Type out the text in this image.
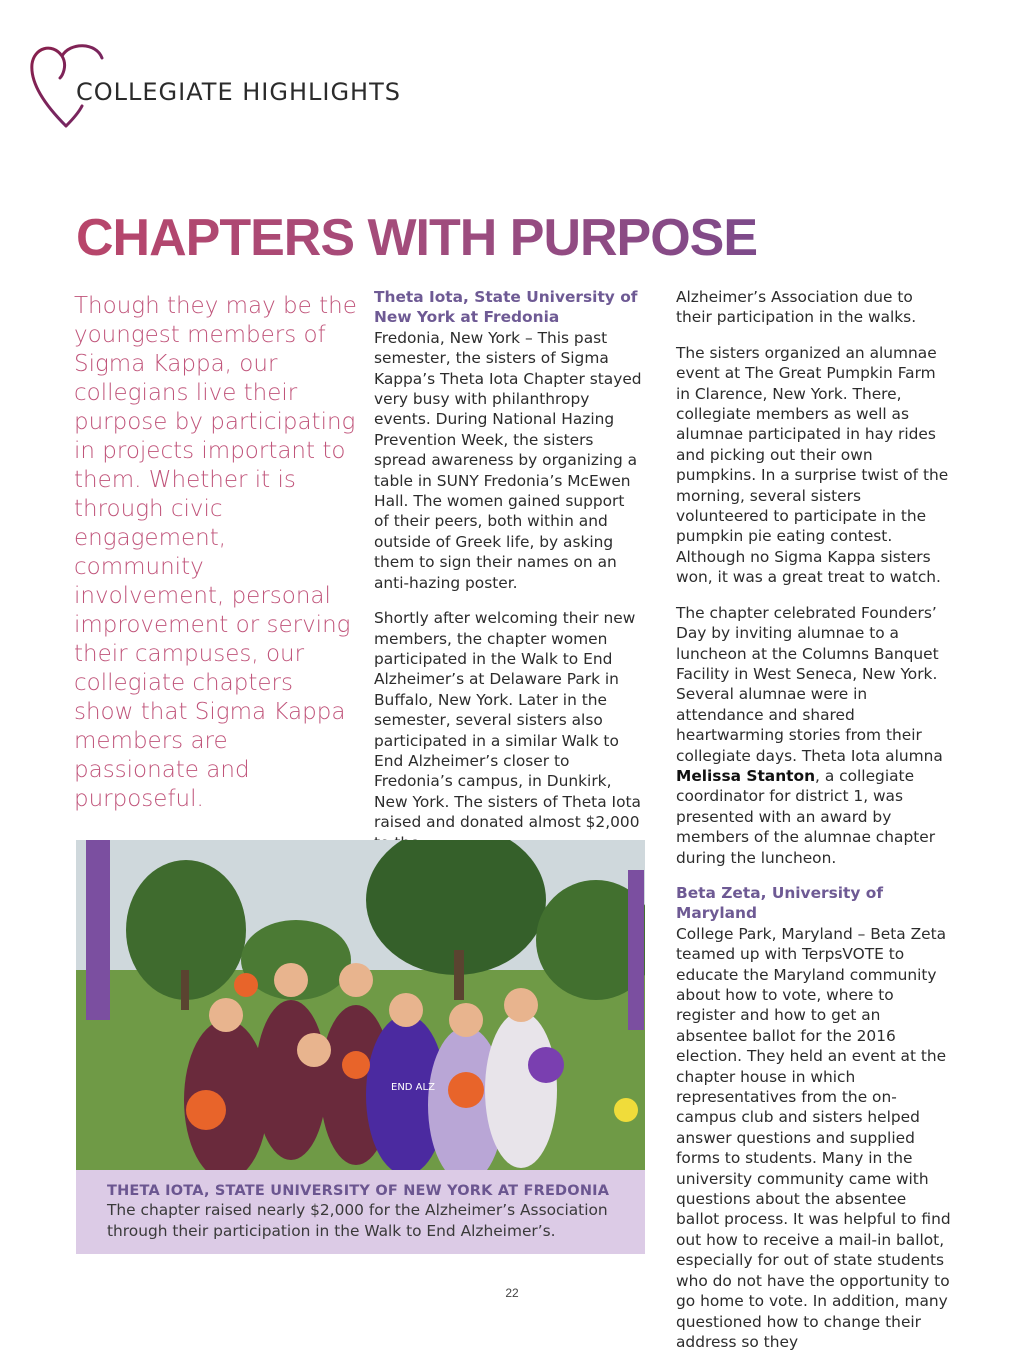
COLLEGIATE HIGHLIGHTS
CHAPTERS WITH PURPOSE
Though they may be the youngest members of Sigma Kappa, our collegians live their purpose by participating in projects important to them. Whether it is through civic engagement, community involvement, personal improvement or serving their campuses, our collegiate chapters show that Sigma Kappa members are passionate and purposeful.

Theta Iota, State University of New York at Fredonia
Fredonia, New York – This past semester, the sisters of Sigma Kappa’s Theta Iota Chapter stayed very busy with philanthropy events. During National Hazing Prevention Week, the sisters spread awareness by organizing a table in SUNY Fredonia’s McEwen Hall. The women gained support of their peers, both within and outside of Greek life, by asking them to sign their names on an anti-hazing poster.

Shortly after welcoming their new members, the chapter women participated in the Walk to End Alzheimer’s at Delaware Park in Buffalo, New York. Later in the semester, several sisters also participated in a similar Walk to End Alzheimer’s closer to Fredonia’s campus, in Dunkirk, New York. The sisters of Theta Iota raised and donated almost $2,000

Alzheimer’s Association due to their participation in the walks.

The sisters organized an alumnae event at The Great Pumpkin Farm in Clarence, New York. There, collegiate members as well as alumnae participated in hay rides and picking out their own pumpkins. In a surprise twist of the morning, several sisters volunteered to participate in the pumpkin pie eating contest. Although no Sigma Kappa sisters won, it was a great treat to watch.

The chapter celebrated Founders’ Day by inviting alumnae to a luncheon at the Columns Banquet Facility in West Seneca, New York. Several alumnae were in attendance and shared heartwarming stories from their collegiate days. Theta Iota alumna Melissa Stanton, a collegiate coordinator for district 1, was presented with an award by members of the alumnae chapter during the luncheon.

Beta Zeta, University of Maryland
College Park, Maryland – Beta Zeta teamed up with TerpsVOTE to educate the Maryland community about how to vote, where to register and how to get an absentee ballot for the 2016 election. They held an event at the chapter house in which representatives from the on-campus club and sisters helped answer questions and supplied forms to students. Many in the university community came with questions about the absentee ballot process. It was helpful to find out how to receive a mail-in ballot, especially for out of state students who do not have the opportunity to go home to vote. In addition, many questioned how to change their address so they

END ALZ
THETA IOTA, STATE UNIVERSITY OF NEW YORK AT FREDONIA
The chapter raised nearly $2,000 for the Alzheimer’s Association through their participation in the Walk to End Alzheimer’s.
22
